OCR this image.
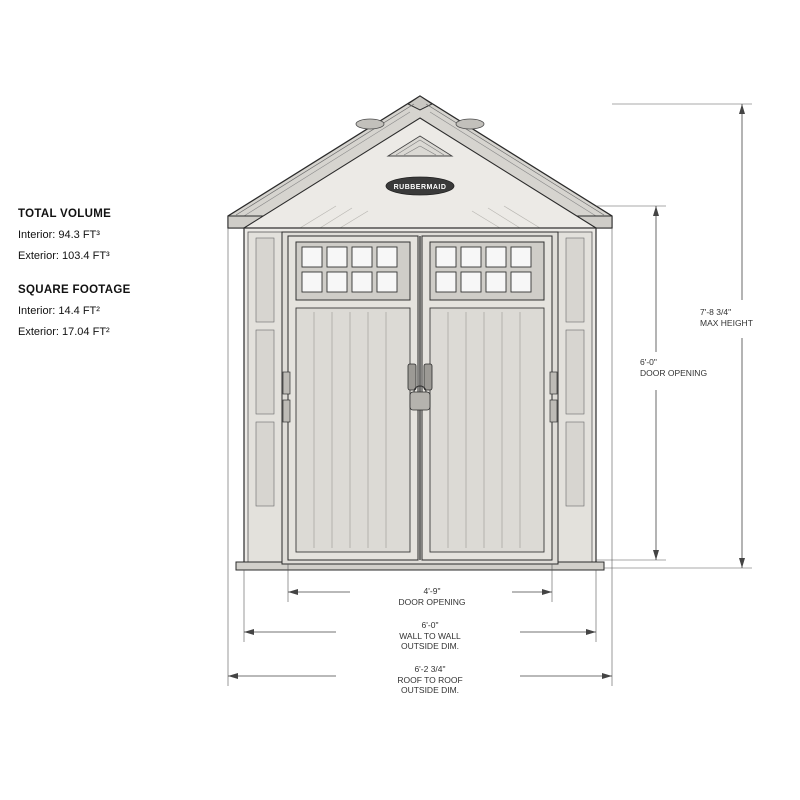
RUBBERMAID

TOTAL VOLUME

Interior: 94.3 FT³

Exterior: 103.4 FT³

SQUARE FOOTAGE

Interior: 14.4 FT²

Exterior: 17.04 FT²

7'-8 3/4"
MAX HEIGHT
6'-0"
DOOR OPENING
4'-9"
DOOR OPENING
6'-0"
WALL TO WALL
OUTSIDE DIM.
6'-2 3/4"
ROOF TO ROOF
OUTSIDE DIM.
